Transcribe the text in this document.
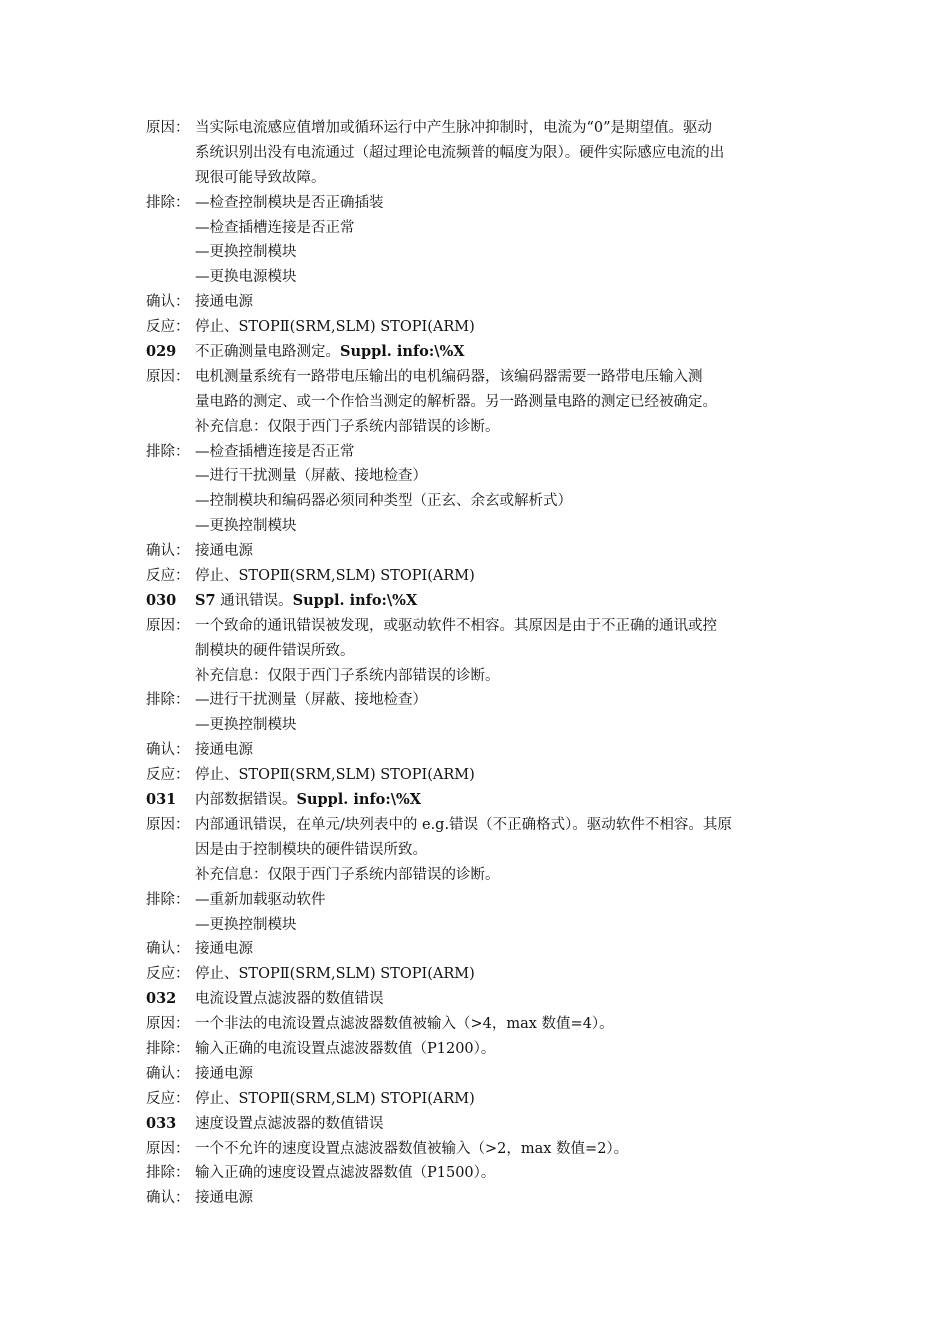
原因： 当实际电流感应值增加或循环运行中产生脉冲抑制时，电流为“0”是期望值。驱动
系统识别出没有电流通过（超过理论电流频普的幅度为限）。硬件实际感应电流的出
现很可能导致故障。
排除： —检查控制模块是否正确插装
—检查插槽连接是否正常
—更换控制模块
—更换电源模块
确认： 接通电源
反应： 停止、STOPⅡ(SRM,SLM) STOPⅠ(ARM)
029 不正确测量电路测定。Suppl. info:\%X
原因： 电机测量系统有一路带电压输出的电机编码器，该编码器需要一路带电压输入测
量电路的测定、或一个作恰当测定的解析器。另一路测量电路的测定已经被确定。
补充信息：仅限于西门子系统内部错误的诊断。
排除： —检查插槽连接是否正常
—进行干扰测量（屏蔽、接地检查）
—控制模块和编码器必须同种类型（正玄、余玄或解析式）
—更换控制模块
确认： 接通电源
反应： 停止、STOPⅡ(SRM,SLM) STOPⅠ(ARM)
030 S7 通讯错误。Suppl. info:\%X
原因： 一个致命的通讯错误被发现，或驱动软件不相容。其原因是由于不正确的通讯或控
制模块的硬件错误所致。
补充信息：仅限于西门子系统内部错误的诊断。
排除： —进行干扰测量（屏蔽、接地检查）
—更换控制模块
确认： 接通电源
反应： 停止、STOPⅡ(SRM,SLM) STOPⅠ(ARM)
031 内部数据错误。Suppl. info:\%X
原因： 内部通讯错误，在单元/块列表中的 e.g.错误（不正确格式）。驱动软件不相容。其原
因是由于控制模块的硬件错误所致。
补充信息：仅限于西门子系统内部错误的诊断。
排除： —重新加载驱动软件
—更换控制模块
确认： 接通电源
反应： 停止、STOPⅡ(SRM,SLM) STOPⅠ(ARM)
032 电流设置点滤波器的数值错误
原因： 一个非法的电流设置点滤波器数值被输入（>4，max 数值=4）。
排除： 输入正确的电流设置点滤波器数值（P1200）。
确认： 接通电源
反应： 停止、STOPⅡ(SRM,SLM) STOPⅠ(ARM)
033 速度设置点滤波器的数值错误
原因： 一个不允许的速度设置点滤波器数值被输入（>2，max 数值=2）。
排除： 输入正确的速度设置点滤波器数值（P1500）。
确认： 接通电源
